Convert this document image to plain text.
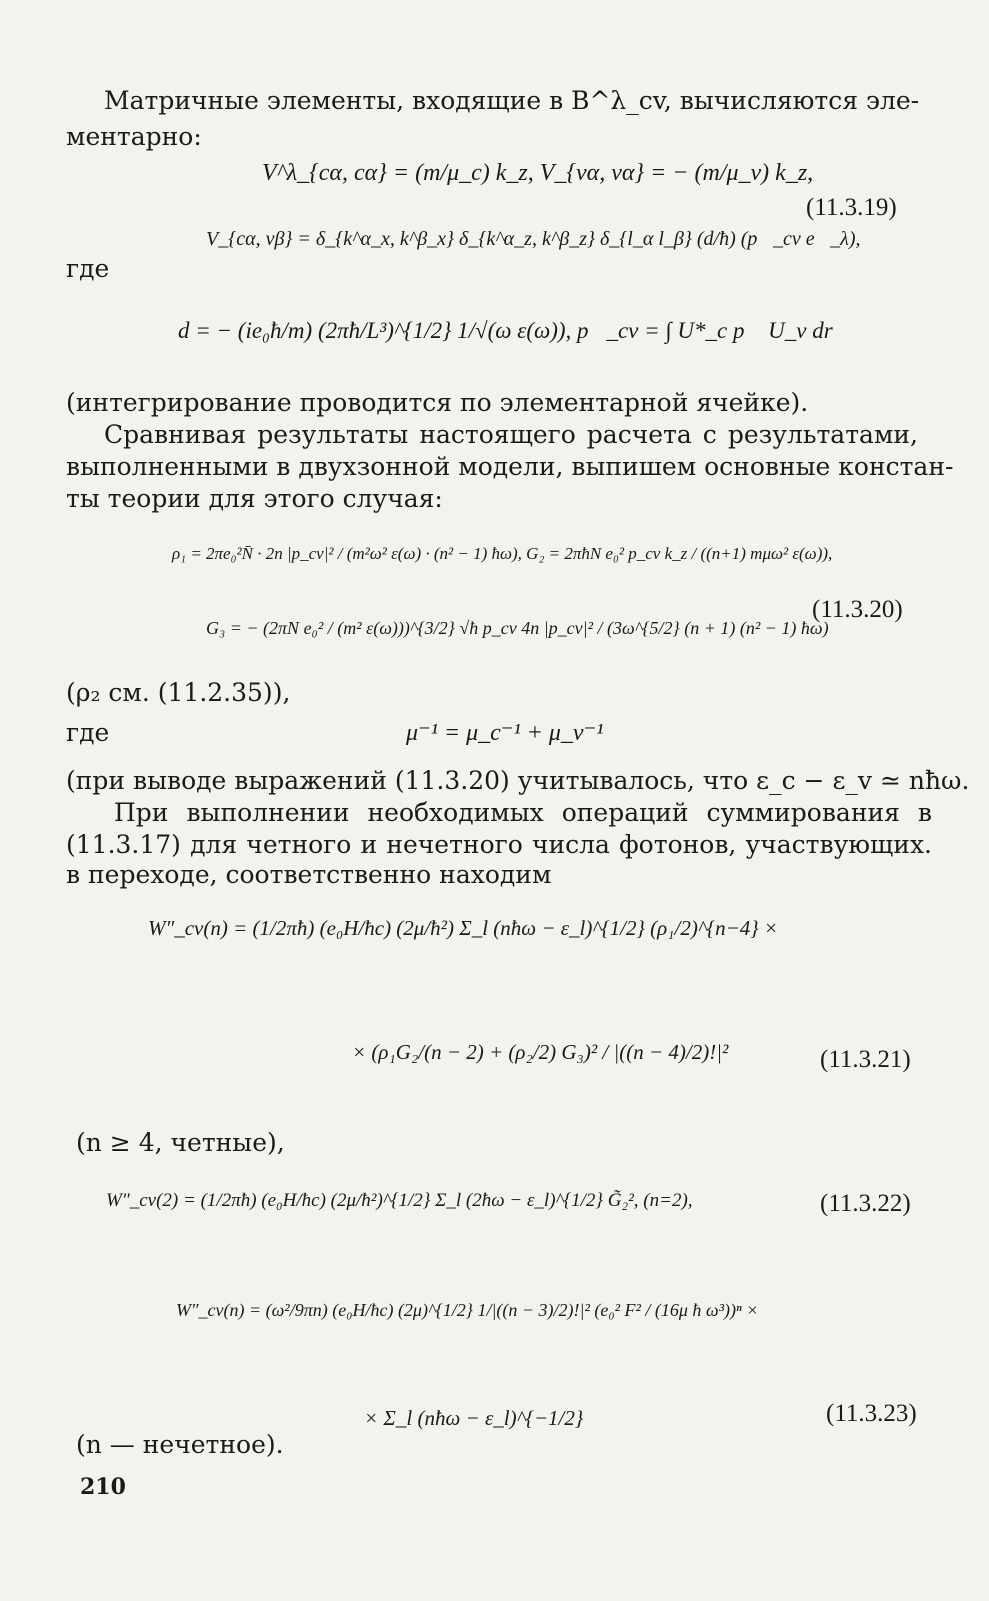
Матричные элементы, входящие в B^λ_cv, вычисляются эле-
ментарно:
V^λ_{cα, cα} = (m/μ_c) k_z, V_{vα, vα} = − (m/μ_v) k_z,
(11.3.19)
где
V_{cα, vβ} = δ_{k^α_x, k^β_x} δ_{k^α_z, k^β_z} δ_{l_α l_β} (d/ħ) (p⃗_cv e⃗_λ),
d = − (ie₀ħ/m) (2πħ/L³)^{1/2} 1/√(ω ε(ω)), p⃗_cv = ∫ U*_c p⃗ U_v dr⃗
(интегрирование проводится по элементарной ячейке).
Сравнивая результаты настоящего расчета с результатами,
выполненными в двухзонной модели, выпишем основные констан-
ты теории для этого случая:
ρ₁ = 2πe₀²N̄ · 2n |p_cv|² / (m²ω² ε(ω) · (n² − 1) ħω), G₂ = 2πħN e₀² p_cv k_z / ((n+1) mμω² ε(ω)),
G₃ = − (2πN e₀² / (m² ε(ω)))^{3/2} √ħ p_cv 4n |p_cv|² / (3ω^{5/2} (n + 1) (n² − 1) ħω)
(11.3.20)
(ρ₂ см. (11.2.35)),
где	μ⁻¹ = μ_c⁻¹ + μ_v⁻¹
(при выводе выражений (11.3.20) учитывалось, что ε_c − ε_v ≃ nħω.
При выполнении необходимых операций суммирования в
(11.3.17) для четного и нечетного числа фотонов, участвующих.
в переходе, соответственно находим
W″_cv(n) = (1/2πħ) (e₀H/ħc) (2μ/ħ²) Σ_l (nħω − ε_l)^{1/2} (ρ₁/2)^{n−4} ×
× (ρ₁G₂/(n − 2) + (ρ₂/2) G₃)² / |((n − 4)/2)!|²	(11.3.21)
(n ≥ 4, четные),
W″_cv(2) = (1/2πħ) (e₀H/ħc) (2μ/ħ²)^{1/2} Σ_l (2ħω − ε_l)^{1/2} G̃₂², (n=2),	(11.3.22)
W″_cv(n) = (ω²/9πn) (e₀H/ħc) (2μ)^{1/2} 1/|((n − 3)/2)!|² (e₀² F² / (16μ ħ ω³))ⁿ ×
× Σ_l (nħω − ε_l)^{−1/2}	(11.3.23)
(n — нечетное).
210
